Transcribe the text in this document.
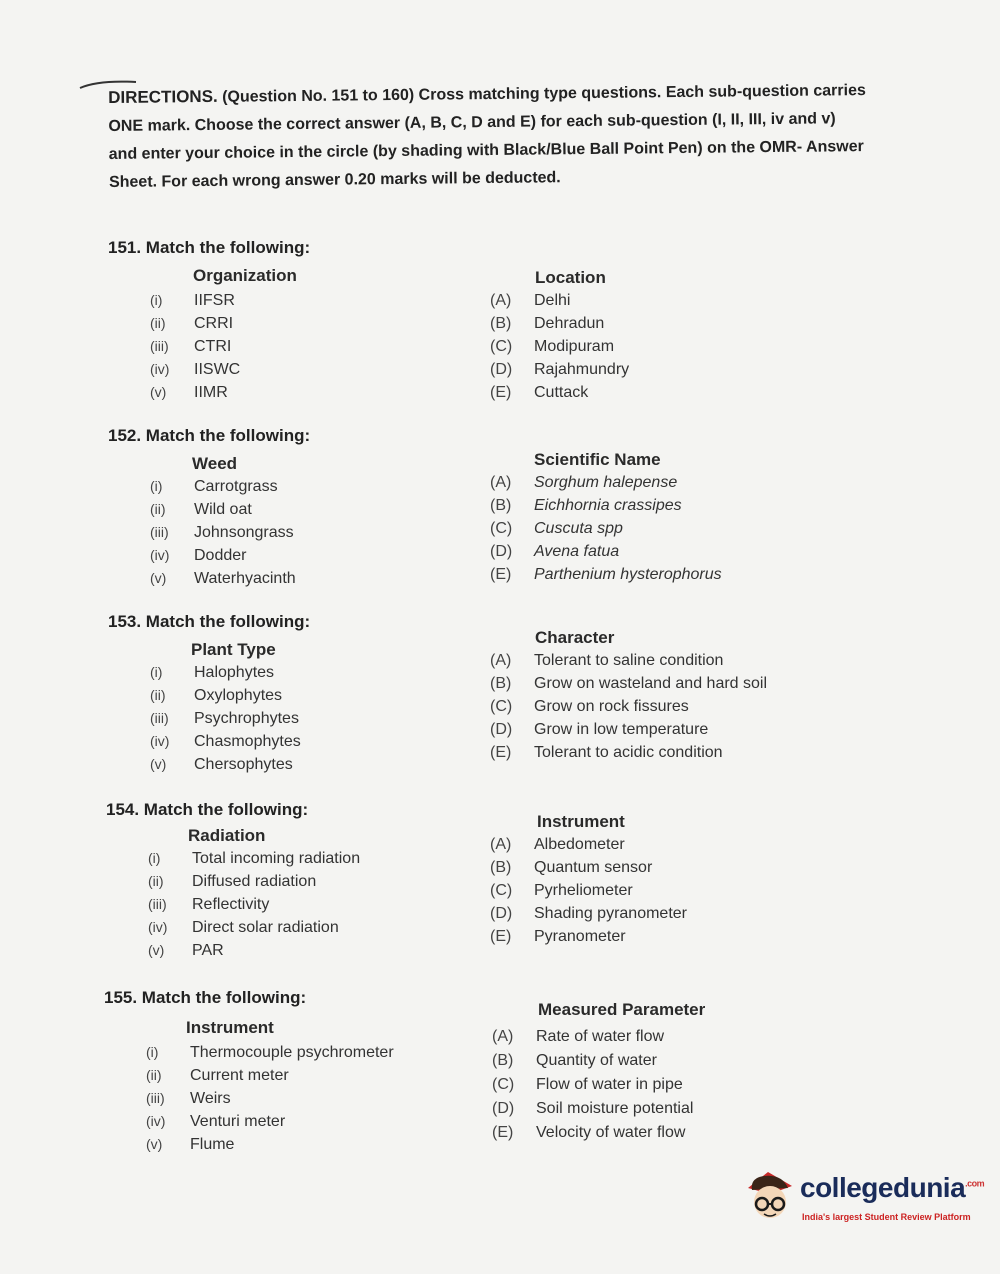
DIRECTIONS. (Question No. 151 to 160) Cross matching type questions. Each sub-question carries ONE mark. Choose the correct answer (A, B, C, D and E) for each sub-question (I, II, III, iv and v) and enter your choice in the circle (by shading with Black/Blue Ball Point Pen) on the OMR- Answer Sheet. For each wrong answer 0.20 marks will be deducted.
151. Match the following:
Organization	Location
(i) IIFSR
(ii) CRRI
(iii) CTRI
(iv) IISWC
(v) IIMR
(A) Delhi
(B) Dehradun
(C) Modipuram
(D) Rajahmundry
(E) Cuttack
152. Match the following:
Weed	Scientific Name
(i) Carrotgrass
(ii) Wild oat
(iii) Johnsongrass
(iv) Dodder
(v) Waterhyacinth
(A) Sorghum halepense
(B) Eichhornia crassipes
(C) Cuscuta spp
(D) Avena fatua
(E) Parthenium hysterophorus
153. Match the following:
Plant Type
Character
(i) Halophytes
(ii) Oxylophytes
(iii) Psychrophytes
(iv) Chasmophytes
(v) Chersophytes
(A) Tolerant to saline condition
(B) Grow on wasteland and hard soil
(C) Grow on rock fissures
(D) Grow in low temperature
(E) Tolerant to acidic condition
154. Match the following:
Radiation
Instrument
(i) Total incoming radiation
(ii) Diffused radiation
(iii) Reflectivity
(iv) Direct solar radiation
(v) PAR
(A) Albedometer
(B) Quantum sensor
(C) Pyrheliometer
(D) Shading pyranometer
(E) Pyranometer
155. Match the following:
Instrument
Measured Parameter
(i) Thermocouple psychrometer
(ii) Current meter
(iii) Weirs
(iv) Venturi meter
(v) Flume
(A) Rate of water flow
(B) Quantity of water
(C) Flow of water in pipe
(D) Soil moisture potential
(E) Velocity of water flow
collegedunia$^{.com}$
India's largest Student Review Platform
